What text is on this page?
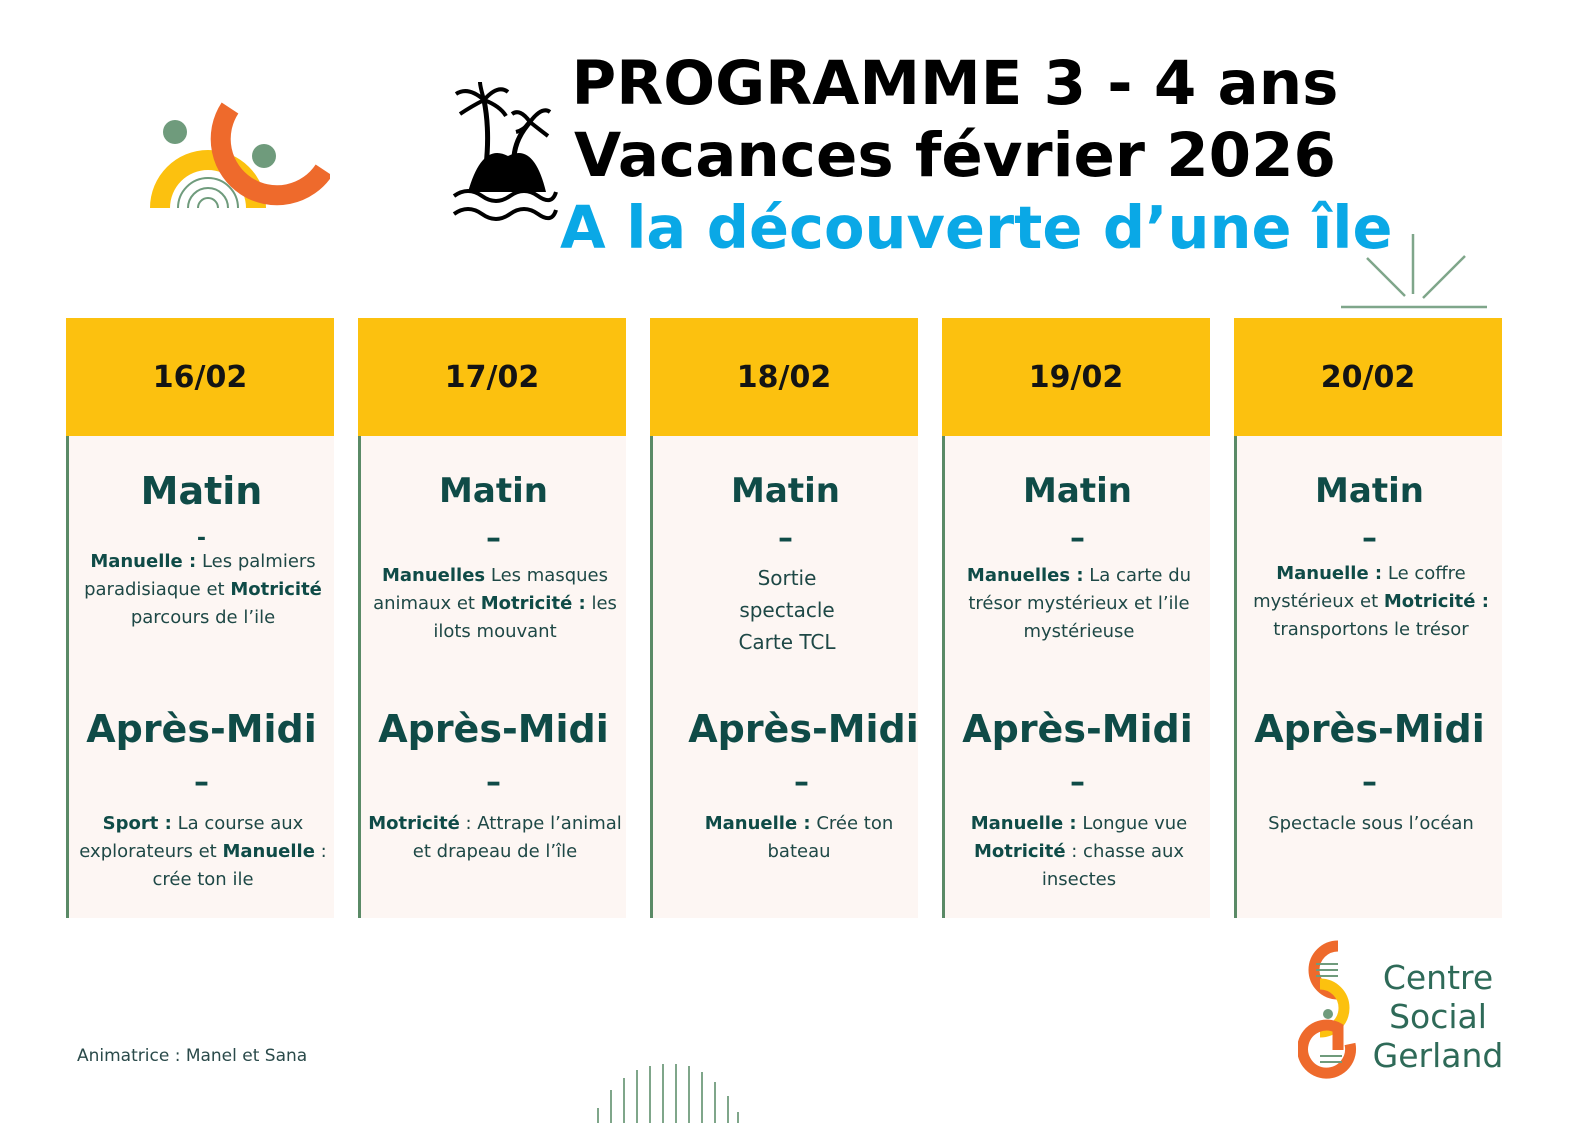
PROGRAMME 3 - 4 ans
Vacances février 2026
A la découverte d’une île
16/02
Matin
-
Manuelle : Les palmiers paradisiaque et Motricité parcours de l’ile
Après-Midi
–
Sport : La course aux explorateurs et Manuelle : crée ton ile
17/02
Matin
–
Manuelles Les masques animaux et Motricité : les ilots mouvant
Après-Midi
–
Motricité : Attrape l’animal et drapeau de l’île
18/02
Matin
–
Sortie spectacle Carte TCL
Après-Midi
–
Manuelle : Crée ton bateau
19/02
Matin
–
Manuelles : La carte du trésor mystérieux et l’ile mystérieuse
Après-Midi
–
Manuelle : Longue vue Motricité : chasse aux insectes
20/02
Matin
–
Manuelle : Le coffre mystérieux et Motricité : transportons le trésor
Après-Midi
–
Spectacle sous l’océan
Animatrice : Manel et Sana
Centre
Social
Gerland
